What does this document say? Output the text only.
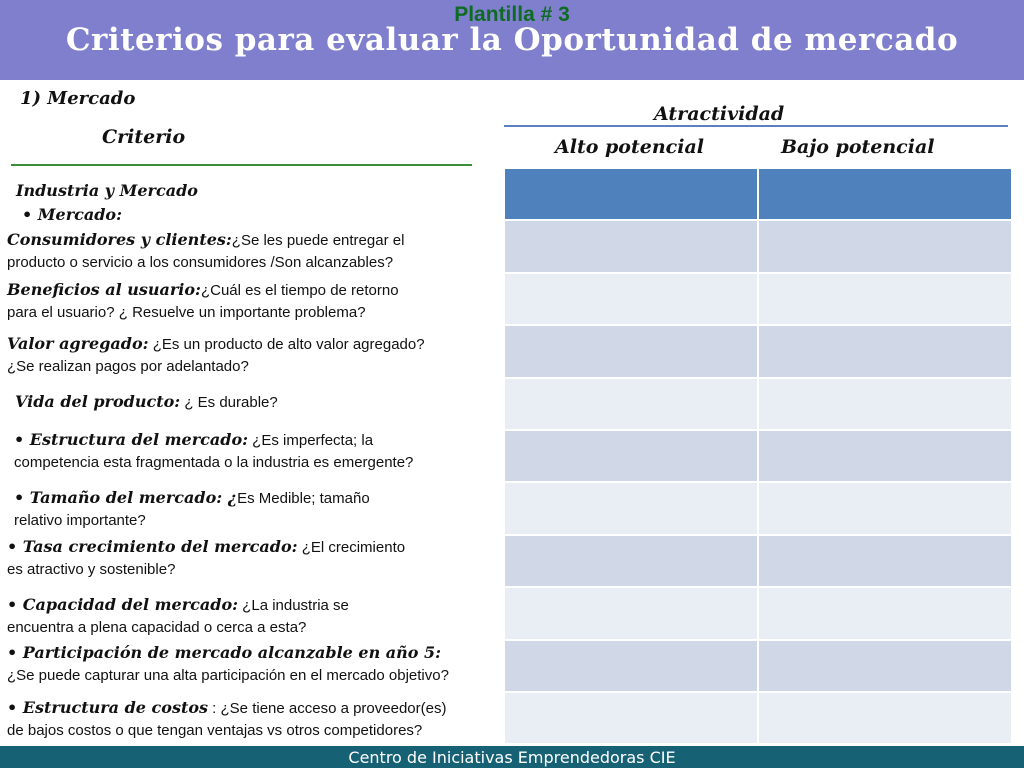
Plantilla # 3
Criterios para evaluar la Oportunidad de mercado
1) Mercado
Criterio
Atractividad
Alto potencial	Bajo potencial
Industria y Mercado
• Mercado:
Consumidores y clientes:¿Se les puede entregar el
producto o servicio a los consumidores /Son alcanzables?
Beneficios al usuario:¿Cuál es el tiempo de retorno
para el usuario? ¿ Resuelve un importante problema?
Valor agregado: ¿Es un producto de alto valor agregado?
¿Se realizan pagos por adelantado?
Vida del producto: ¿ Es durable?
• Estructura del mercado: ¿Es imperfecta; la
competencia esta fragmentada o la industria es emergente?
• Tamaño del mercado: ¿Es Medible; tamaño
relativo importante?
• Tasa crecimiento del mercado: ¿El crecimiento
es atractivo y sostenible?
• Capacidad del mercado: ¿La industria se
encuentra a plena capacidad o cerca a esta?
• Participación de mercado alcanzable en año 5:
¿Se puede capturar una alta participación en el mercado objetivo?
• Estructura de costos : ¿Se tiene acceso a proveedor(es)
de bajos costos o que tengan ventajas vs otros competidores?
Centro de Iniciativas Emprendedoras CIE
